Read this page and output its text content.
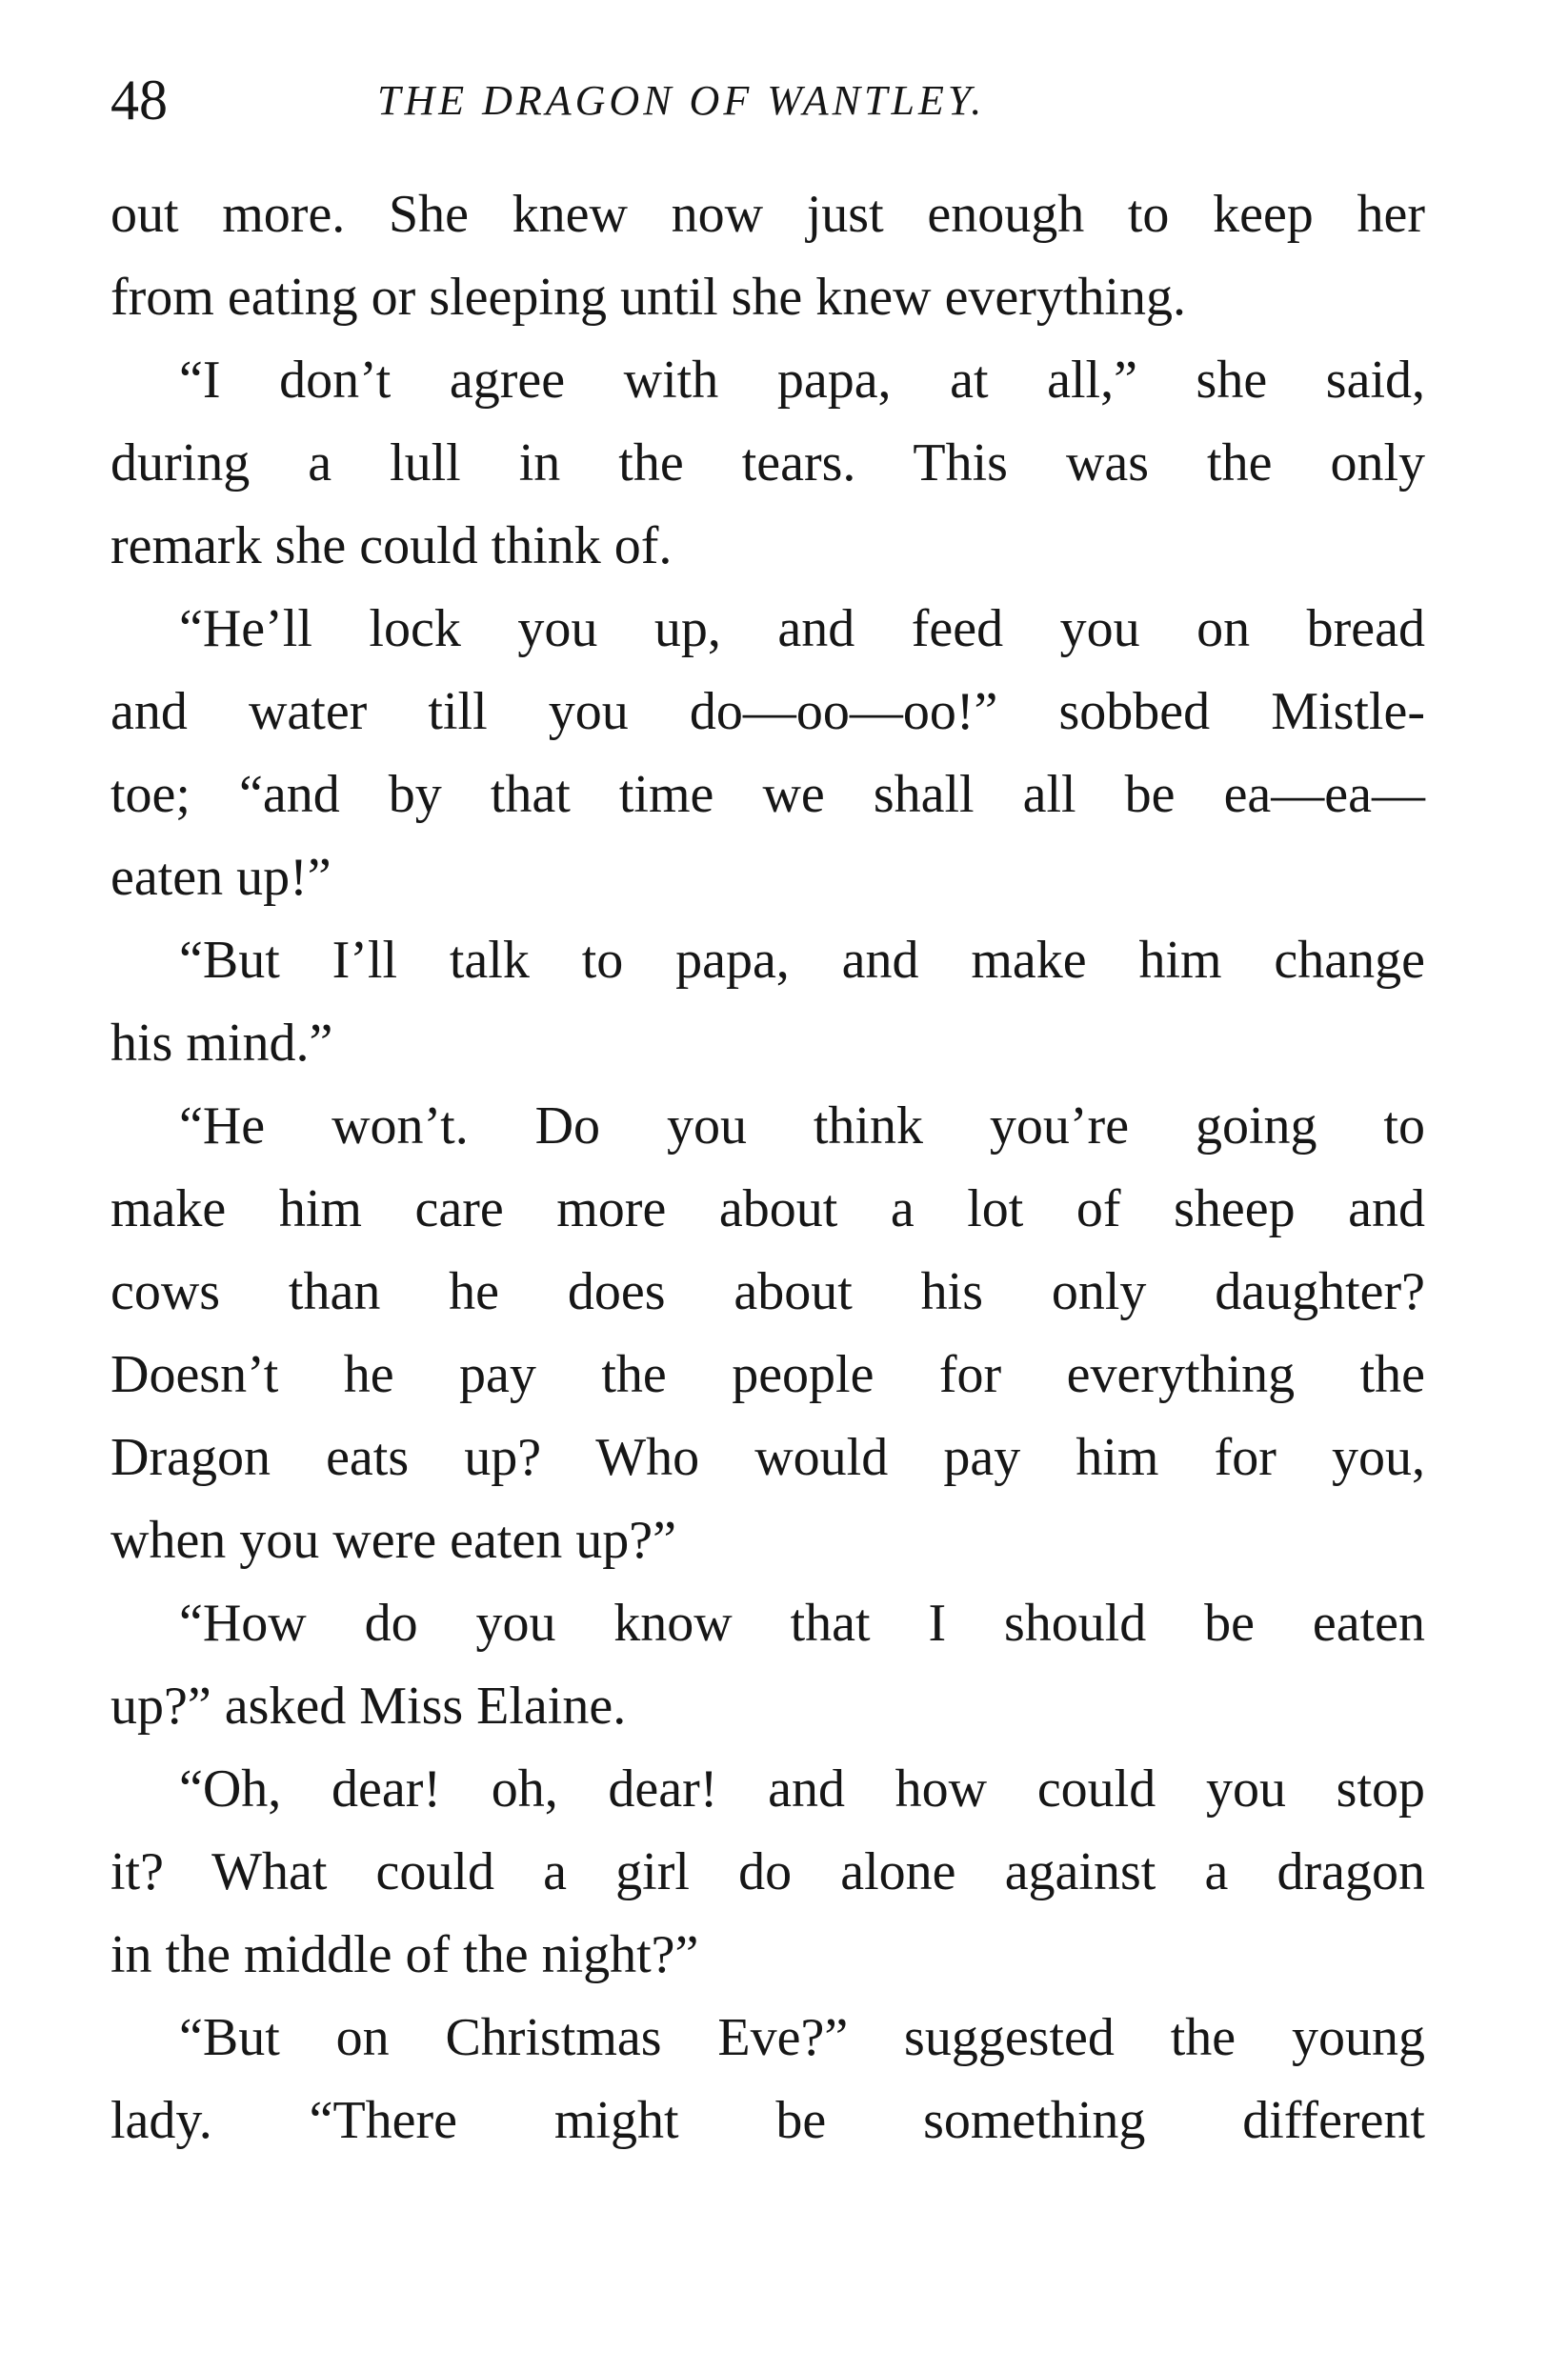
48	THE DRAGON OF WANTLEY.
out more. She knew now just enough to keep her
from eating or sleeping until she knew everything.
“I don’t agree with papa, at all,” she said,
during a lull in the tears. This was the only
remark she could think of.
“He’ll lock you up, and feed you on bread
and water till you do—oo—oo!” sobbed Mistle-
toe; “and by that time we shall all be ea—ea—
eaten up!”
“But I’ll talk to papa, and make him change
his mind.”
“He won’t. Do you think you’re going to
make him care more about a lot of sheep and
cows than he does about his only daughter?
Doesn’t he pay the people for everything the
Dragon eats up? Who would pay him for you,
when you were eaten up?”
“How do you know that I should be eaten
up?” asked Miss Elaine.
“Oh, dear! oh, dear! and how could you stop
it? What could a girl do alone against a dragon
in the middle of the night?”
“But on Christmas Eve?” suggested the young
lady. “There might be something different
